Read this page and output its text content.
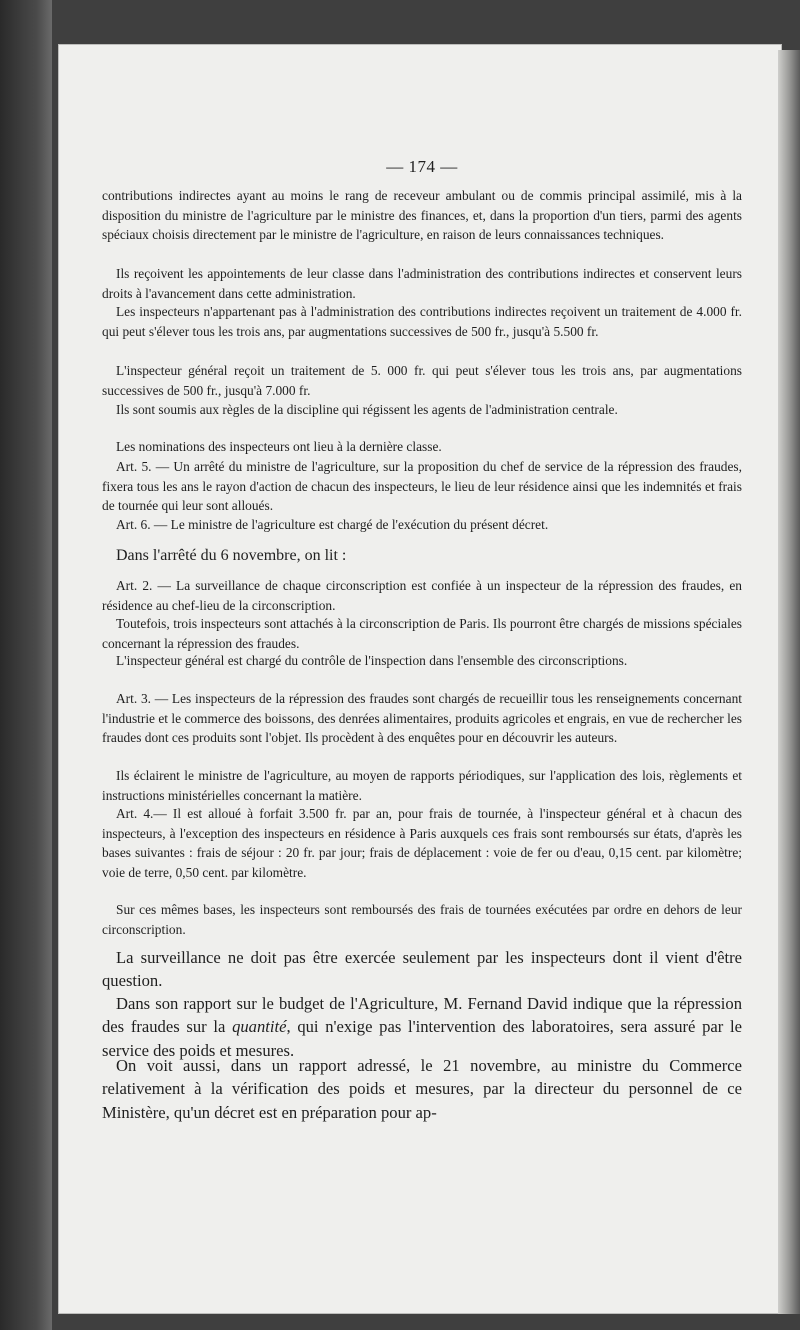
— 174 —

contributions indirectes ayant au moins le rang de receveur ambulant ou de commis principal assimilé, mis à la disposition du ministre de l'agriculture par le ministre des finances, et, dans la proportion d'un tiers, parmi des agents spéciaux choisis directement par le ministre de l'agriculture, en raison de leurs connaissances techniques.

Ils reçoivent les appointements de leur classe dans l'administration des contributions indirectes et conservent leurs droits à l'avancement dans cette administration.

Les inspecteurs n'appartenant pas à l'administration des contributions indirectes reçoivent un traitement de 4.000 fr. qui peut s'élever tous les trois ans, par augmentations successives de 500 fr., jusqu'à 5.500 fr.

L'inspecteur général reçoit un traitement de 5. 000 fr. qui peut s'élever tous les trois ans, par augmentations successives de 500 fr., jusqu'à 7.000 fr.

Ils sont soumis aux règles de la discipline qui régissent les agents de l'administration centrale.

Les nominations des inspecteurs ont lieu à la dernière classe.

Art. 5. — Un arrêté du ministre de l'agriculture, sur la proposition du chef de service de la répression des fraudes, fixera tous les ans le rayon d'action de chacun des inspecteurs, le lieu de leur résidence ainsi que les indemnités et frais de tournée qui leur sont alloués.

Art. 6. — Le ministre de l'agriculture est chargé de l'exécution du présent décret.

Dans l'arrêté du 6 novembre, on lit :

Art. 2. — La surveillance de chaque circonscription est confiée à un inspecteur de la répression des fraudes, en résidence au chef-lieu de la circonscription.

Toutefois, trois inspecteurs sont attachés à la circonscription de Paris. Ils pourront être chargés de missions spéciales concernant la répression des fraudes.

L'inspecteur général est chargé du contrôle de l'inspection dans l'ensemble des circonscriptions.

Art. 3. — Les inspecteurs de la répression des fraudes sont chargés de recueillir tous les renseignements concernant l'industrie et le commerce des boissons, des denrées alimentaires, produits agricoles et engrais, en vue de rechercher les fraudes dont ces produits sont l'objet. Ils procèdent à des enquêtes pour en découvrir les auteurs.

Ils éclairent le ministre de l'agriculture, au moyen de rapports périodiques, sur l'application des lois, règlements et instructions ministérielles concernant la matière.

Art. 4.— Il est alloué à forfait 3.500 fr. par an, pour frais de tournée, à l'inspecteur général et à chacun des inspecteurs, à l'exception des inspecteurs en résidence à Paris auxquels ces frais sont remboursés sur états, d'après les bases suivantes : frais de séjour : 20 fr. par jour; frais de déplacement : voie de fer ou d'eau, 0,15 cent. par kilomètre; voie de terre, 0,50 cent. par kilomètre.

Sur ces mêmes bases, les inspecteurs sont remboursés des frais de tournées exécutées par ordre en dehors de leur circonscription.

La surveillance ne doit pas être exercée seulement par les inspecteurs dont il vient d'être question.

Dans son rapport sur le budget de l'Agriculture, M. Fernand David indique que la répression des fraudes sur la quantité, qui n'exige pas l'intervention des laboratoires, sera assuré par le service des poids et mesures.

On voit aussi, dans un rapport adressé, le 21 novembre, au ministre du Commerce relativement à la vérification des poids et mesures, par la directeur du personnel de ce Ministère, qu'un décret est en préparation pour ap-
